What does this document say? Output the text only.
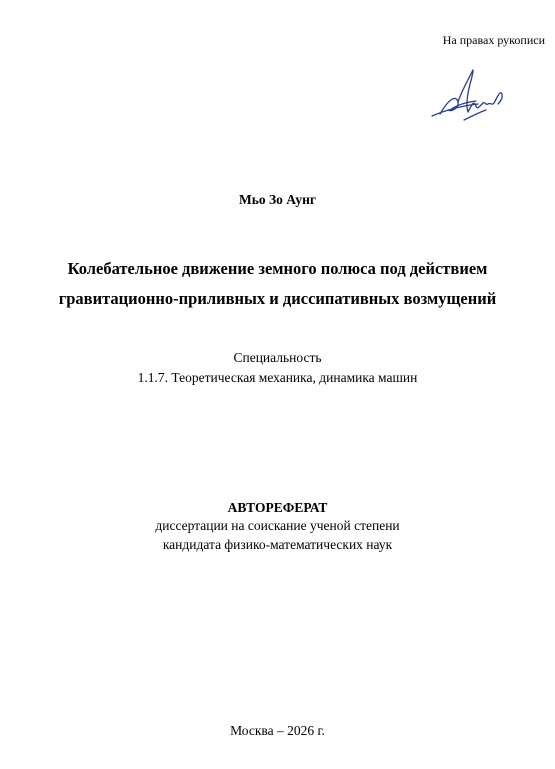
На правах рукописи
Мьо Зо Аунг
Колебательное движение земного полюса под действием
гравитационно-приливных и диссипативных возмущений
Специальность
1.1.7. Теоретическая механика, динамика машин
АВТОРЕФЕРАТ
диссертации на соискание ученой степени
кандидата физико-математических наук
Москва – 2026 г.
